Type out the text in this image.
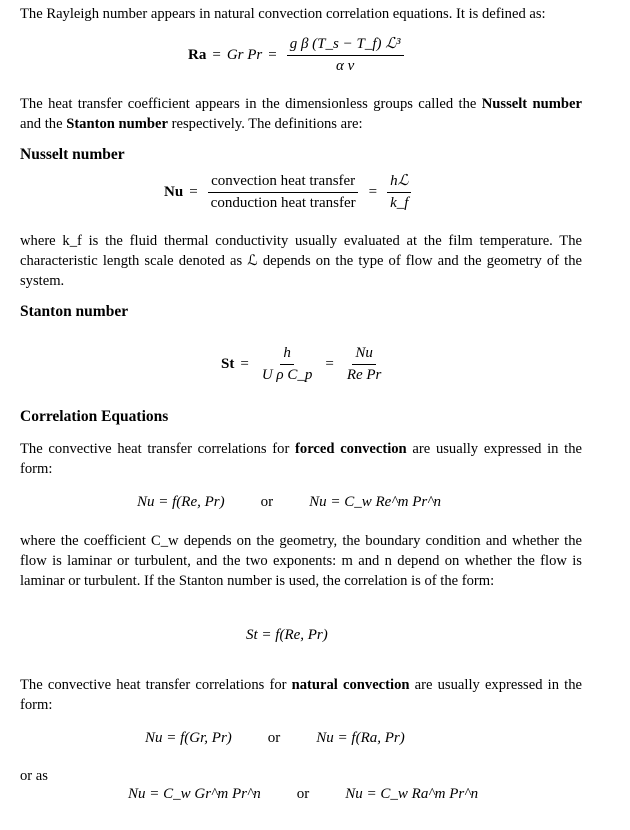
The Rayleigh number appears in natural convection correlation equations. It is defined as:
Ra = Gr $Pr = \frac{\text{g β (T\_s − T\_f) ℒ³}}{\text{α ν}}$
The heat transfer coefficient appears in the dimensionless groups called the Nusselt number and the Stanton number respectively. The definitions are:
Nusselt number
$Nu = \frac{\text{convection heat transfer}}{\text{conduction heat transfer}} = \frac{\text{hℒ}}{k\_f}$
where k_f is the fluid thermal conductivity usually evaluated at the film temperature. The characteristic length scale denoted as ℒ depends on the type of flow and the geometry of the system.
Stanton number
$St = \frac{h}{\text{U ρ C\_p}} = \frac{Nu}{\text{Re Pr}}$
Correlation Equations
The convective heat transfer correlations for forced convection are usually expressed in the form:
Nu = f(Re, Pr) or Nu = C_w Re^m Pr^n
where the coefficient C_w depends on the geometry, the boundary condition and whether the flow is laminar or turbulent, and the two exponents: m and n depend on whether the flow is laminar or turbulent. If the Stanton number is used, the correlation is of the form:
St = f(Re, Pr)
The convective heat transfer correlations for natural convection are usually expressed in the form:
Nu = f(Gr, Pr) or Nu = f(Ra, Pr)
or as
Nu = C_w Gr^m Pr^n or Nu = C_w Ra^m Pr^n
